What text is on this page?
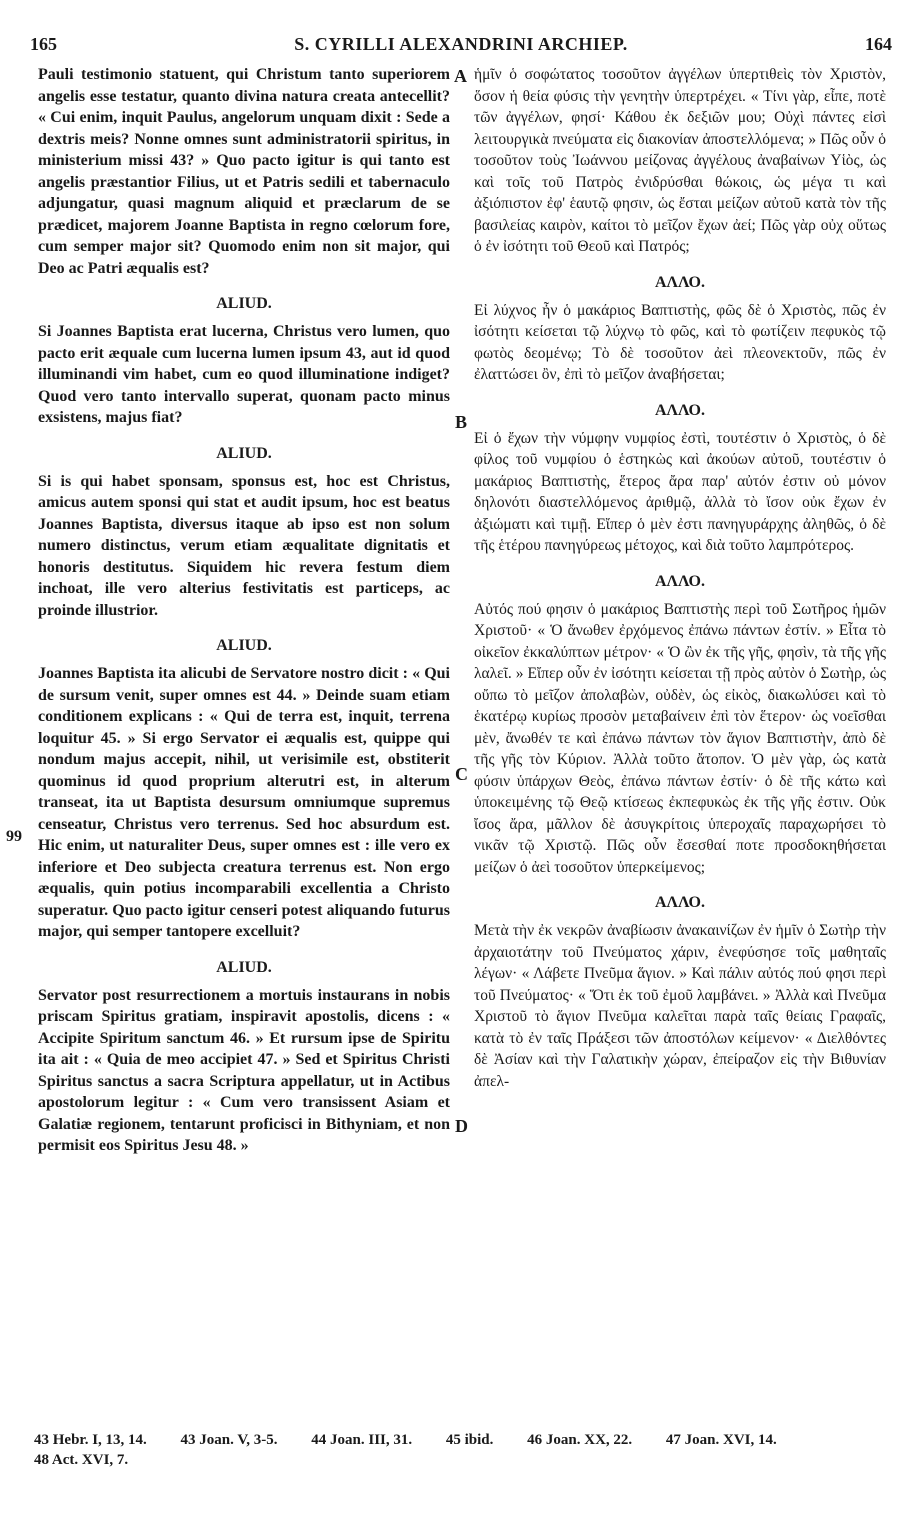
165	S. CYRILLI ALEXANDRINI ARCHIEP.	164
Pauli testimonio statuent, qui Christum tanto superiorem angelis esse testatur, quanto divina natura creata antecellit? « Cui enim, inquit Paulus, angelorum unquam dixit : Sede a dextris meis? Nonne omnes sunt administratorii spiritus, in ministerium missi 43? » Quo pacto igitur is qui tanto est angelis præstantior Filius, ut et Patris sedili et tabernaculo adjungatur, quasi magnum aliquid et præclarum de se prædicet, majorem Joanne Baptista in regno cœlorum fore, cum semper major sit? Quomodo enim non sit major, qui Deo ac Patri æqualis est?
ALIUD.
Si Joannes Baptista erat lucerna, Christus vero lumen, quo pacto erit æquale cum lucerna lumen ipsum 43, aut id quod illuminandi vim habet, cum eo quod illuminatione indiget? Quod vero tanto intervallo superat, quonam pacto minus exsistens, majus fiat?
ALIUD.
Si is qui habet sponsam, sponsus est, hoc est Christus, amicus autem sponsi qui stat et audit ipsum, hoc est beatus Joannes Baptista, diversus itaque ab ipso est non solum numero distinctus, verum etiam æqualitate dignitatis et honoris destitutus. Siquidem hic revera festum diem inchoat, ille vero alterius festivitatis est particeps, ac proinde illustrior.
ALIUD.
Joannes Baptista ita alicubi de Servatore nostro dicit : « Qui de sursum venit, super omnes est 44. » Deinde suam etiam conditionem explicans : « Qui de terra est, inquit, terrena loquitur 45. » Si ergo Servator ei æqualis est, quippe qui nondum majus accepit, nihil, ut verisimile est, obstiterit quominus id quod proprium alterutri est, in alterum transeat, ita ut Baptista desursum omniumque supremus censeatur, Christus vero terrenus. Sed hoc absurdum est. Hic enim, ut naturaliter Deus, super omnes est : ille vero ex inferiore et Deo subjecta creatura terrenus est. Non ergo æqualis, quin potius incomparabili excellentia a Christo superatur. Quo pacto igitur censeri potest aliquando futurus major, qui semper tantopere excelluit?
ALIUD.
Servator post resurrectionem a mortuis instaurans in nobis priscam Spiritus gratiam, inspiravit apostolis, dicens : « Accipite Spiritum sanctum 46. » Et rursum ipse de Spiritu ita ait : « Quia de meo accipiet 47. » Sed et Spiritus Christi Spiritus sanctus a sacra Scriptura appellatur, ut in Actibus apostolorum legitur : « Cum vero transissent Asiam et Galatiæ regionem, tentarunt proficisci in Bithyniam, et non permisit eos Spiritus Jesu 48. »
ἡμῖν ὁ σοφώτατος τοσοῦτον ἀγγέλων ὑπερτιθεὶς τὸν Χριστὸν, ὅσον ἡ θεία φύσις τὴν γενητὴν ὑπερτρέχει. « Τίνι γὰρ, εἶπε, ποτὲ τῶν ἀγγέλων, φησί· Κάθου ἐκ δεξιῶν μου; Οὐχὶ πάντες εἰσὶ λειτουργικὰ πνεύματα εἰς διακονίαν ἀποστελλόμενα; » Πῶς οὖν ὁ τοσοῦτον τοὺς Ἰωάννου μείζονας ἀγγέλους ἀναβαίνων Υἱὸς, ὡς καὶ τοῖς τοῦ Πατρὸς ἐνιδρύσθαι θώκοις, ὡς μέγα τι καὶ ἀξιόπιστον ἐφ' ἑαυτῷ φησιν, ὡς ἔσται μείζων αὐτοῦ κατὰ τὸν τῆς βασιλείας καιρὸν, καίτοι τὸ μεῖζον ἔχων ἀεί; Πῶς γὰρ οὐχ οὕτως ὁ ἐν ἰσότητι τοῦ Θεοῦ καὶ Πατρός;
ΑΛΛΟ.
Εἰ λύχνος ἦν ὁ μακάριος Βαπτιστὴς, φῶς δὲ ὁ Χριστὸς, πῶς ἐν ἰσότητι κείσεται τῷ λύχνῳ τὸ φῶς, καὶ τὸ φωτίζειν πεφυκὸς τῷ φωτὸς δεομένῳ; Τὸ δὲ τοσοῦτον ἀεὶ πλεονεκτοῦν, πῶς ἐν ἐλαττώσει ὂν, ἐπὶ τὸ μεῖζον ἀναβήσεται;
ΑΛΛΟ.
Εἰ ὁ ἔχων τὴν νύμφην νυμφίος ἐστὶ, τουτέστιν ὁ Χριστὸς, ὁ δὲ φίλος τοῦ νυμφίου ὁ ἑστηκὼς καὶ ἀκούων αὐτοῦ, τουτέστιν ὁ μακάριος Βαπτιστὴς, ἕτερος ἄρα παρ' αὐτόν ἐστιν οὐ μόνον δηλονότι διαστελλόμενος ἀριθμῷ, ἀλλὰ τὸ ἴσον οὐκ ἔχων ἐν ἀξιώματι καὶ τιμῇ. Εἴπερ ὁ μὲν ἐστι πανηγυράρχης ἀληθῶς, ὁ δὲ τῆς ἑτέρου πανηγύρεως μέτοχος, καὶ διὰ τοῦτο λαμπρότερος.
ΑΛΛΟ.
Αὐτός πού φησιν ὁ μακάριος Βαπτιστὴς περὶ τοῦ Σωτῆρος ἡμῶν Χριστοῦ· « Ὁ ἄνωθεν ἐρχόμενος ἐπάνω πάντων ἐστίν. » Εἶτα τὸ οἰκεῖον ἐκκαλύπτων μέτρον· « Ὁ ὢν ἐκ τῆς γῆς, φησὶν, τὰ τῆς γῆς λαλεῖ. » Εἴπερ οὖν ἐν ἰσότητι κείσεται τῇ πρὸς αὐτὸν ὁ Σωτὴρ, ὡς οὔπω τὸ μεῖζον ἀπολαβὼν, οὐδὲν, ὡς εἰκὸς, διακωλύσει καὶ τὸ ἑκατέρῳ κυρίως προσὸν μεταβαίνειν ἐπὶ τὸν ἕτερον· ὡς νοεῖσθαι μὲν, ἄνωθέν τε καὶ ἐπάνω πάντων τὸν ἅγιον Βαπτιστὴν, ἀπὸ δὲ τῆς γῆς τὸν Κύριον. Ἀλλὰ τοῦτο ἄτοπον. Ὁ μὲν γὰρ, ὡς κατὰ φύσιν ὑπάρχων Θεὸς, ἐπάνω πάντων ἐστίν· ὁ δὲ τῆς κάτω καὶ ὑποκειμένης τῷ Θεῷ κτίσεως ἐκπεφυκὼς ἐκ τῆς γῆς ἐστιν. Οὐκ ἴσος ἄρα, μᾶλλον δὲ ἀσυγκρίτοις ὑπεροχαῖς παραχωρήσει τὸ νικᾶν τῷ Χριστῷ. Πῶς οὖν ἔσεσθαί ποτε προσδοκηθήσεται μείζων ὁ ἀεὶ τοσοῦτον ὑπερκείμενος;
ΑΛΛΟ.
Μετὰ τὴν ἐκ νεκρῶν ἀναβίωσιν ἀνακαινίζων ἐν ἡμῖν ὁ Σωτὴρ τὴν ἀρχαιοτάτην τοῦ Πνεύματος χάριν, ἐνεφύσησε τοῖς μαθηταῖς λέγων· « Λάβετε Πνεῦμα ἅγιον. » Καὶ πάλιν αὐτός πού φησι περὶ τοῦ Πνεύματος· « Ὅτι ἐκ τοῦ ἐμοῦ λαμβάνει. » Ἀλλὰ καὶ Πνεῦμα Χριστοῦ τὸ ἅγιον Πνεῦμα καλεῖται παρὰ ταῖς θείαις Γραφαῖς, κατὰ τὸ ἐν ταῖς Πράξεσι τῶν ἀποστόλων κείμενον· « Διελθόντες δὲ Ἀσίαν καὶ τὴν Γαλατικὴν χώραν, ἐπείραζον εἰς τὴν Βιθυνίαν ἀπελ-
A
B
C
D
99
43 Hebr. I, 13, 14. 43 Joan. V, 3-5. 44 Joan. III, 31. 45 ibid. 46 Joan. XX, 22. 47 Joan. XVI, 14.
48 Act. XVI, 7.
